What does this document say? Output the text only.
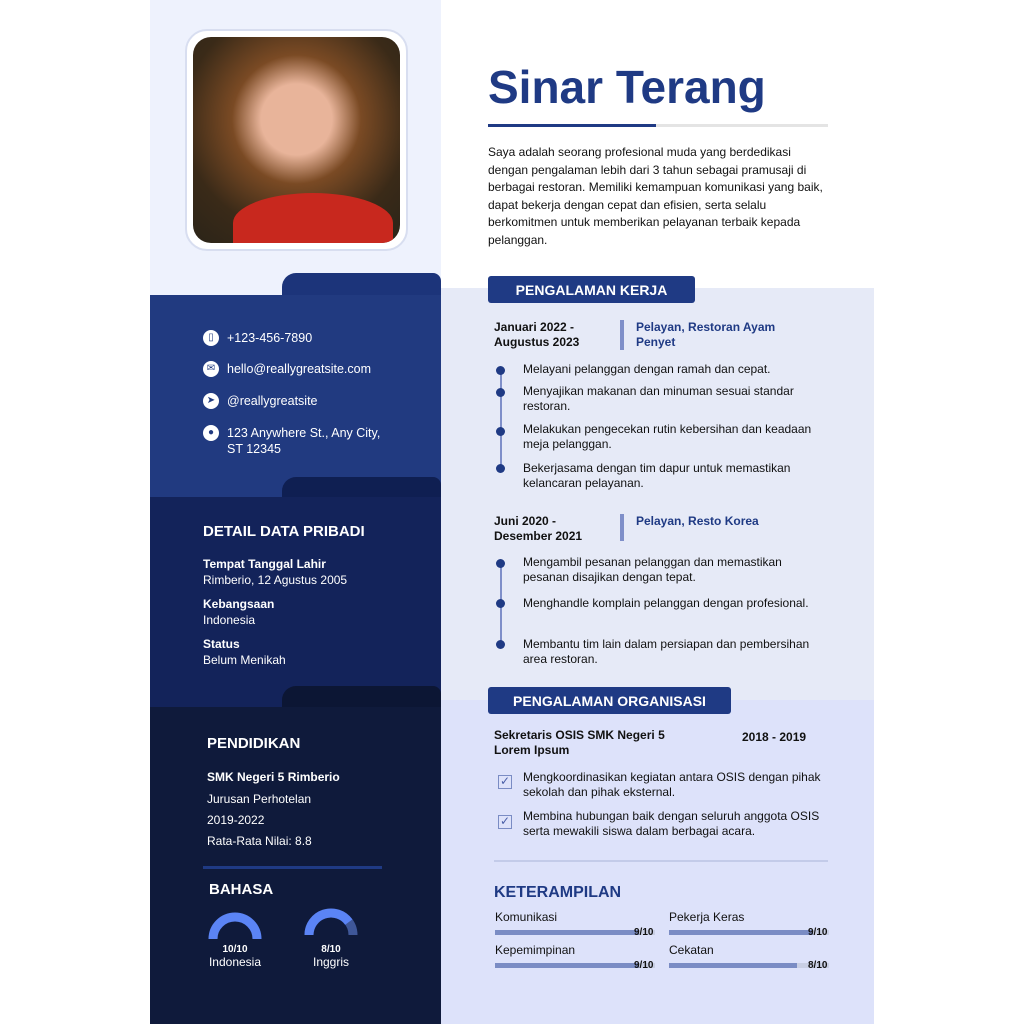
▯	+123-456-7890
✉ hello@reallygreatsite.com
➤ @reallygreatsite
●	123 Anywhere St., Any City,
ST 12345
DETAIL DATA PRIBADI
Tempat Tanggal Lahir
Rimberio, 12 Agustus 2005
Kebangsaan
Indonesia
Status
Belum Menikah
PENDIDIKAN
SMK Negeri 5 Rimberio
Jurusan Perhotelan
2019-2022
Rata-Rata Nilai: 8.8
BAHASA
10/10
Indonesia
8/10
Inggris
Sinar Terang
Saya adalah seorang profesional muda yang berdedikasi dengan pengalaman lebih dari 3 tahun sebagai pramusaji di berbagai restoran. Memiliki kemampuan komunikasi yang baik, dapat bekerja dengan cepat dan efisien, serta selalu berkomitmen untuk memberikan pelayanan terbaik kepada pelanggan.
PENGALAMAN KERJA
Januari 2022 -
Augustus 2023
Pelayan, Restoran Ayam Penyet
Melayani pelanggan dengan ramah dan cepat.
Menyajikan makanan dan minuman sesuai standar restoran.
Melakukan pengecekan rutin kebersihan dan keadaan meja pelanggan.
Bekerjasama dengan tim dapur untuk memastikan kelancaran pelayanan.
Juni 2020 -
Desember 2021
Pelayan, Resto Korea
Mengambil pesanan pelanggan dan memastikan pesanan disajikan dengan tepat.
Menghandle komplain pelanggan dengan profesional.
Membantu tim lain dalam persiapan dan pembersihan area restoran.
PENGALAMAN ORGANISASI
Sekretaris OSIS SMK Negeri 5 Lorem Ipsum
2018 - 2019
✓ Mengkoordinasikan kegiatan antara OSIS dengan pihak sekolah dan pihak eksternal.
✓ Membina hubungan baik dengan seluruh anggota OSIS serta mewakili siswa dalam berbagai acara.
KETERAMPILAN
Komunikasi
9/10
Pekerja Keras
9/10
Kepemimpinan
9/10
Cekatan
8/10
